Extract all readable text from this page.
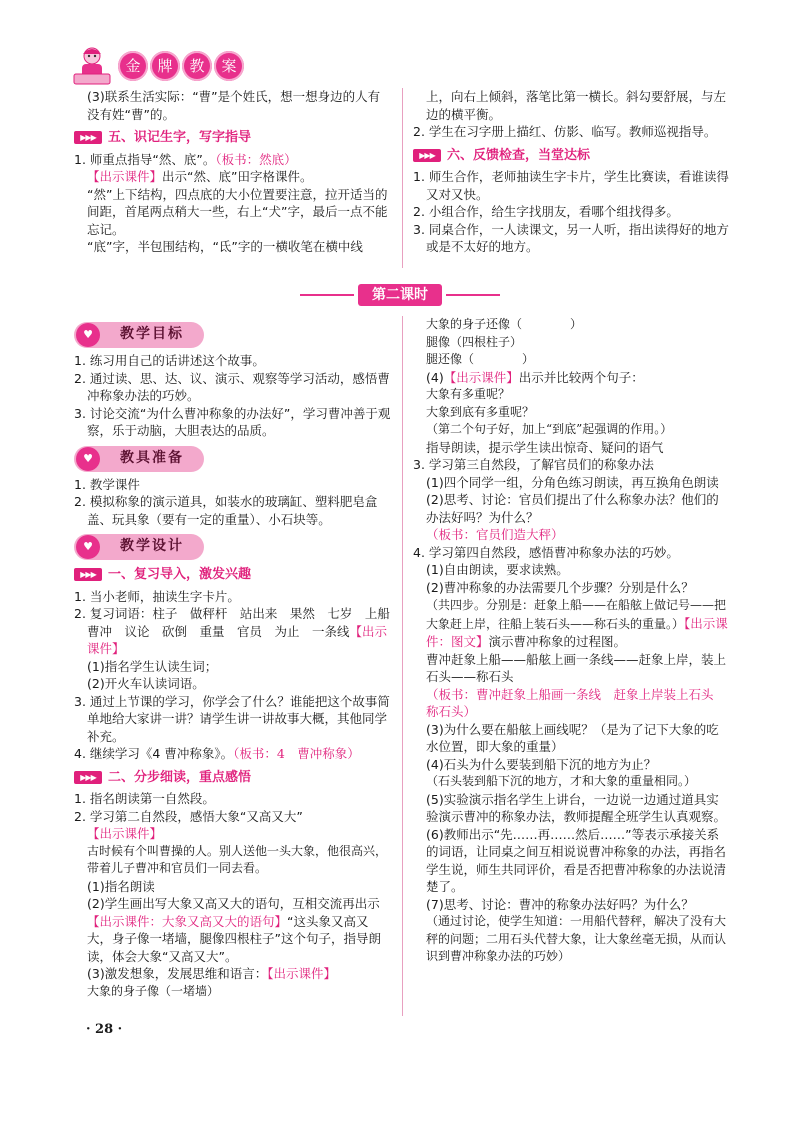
金	牌	教	案

(3)联系生活实际：“曹”是个姓氏，想一想身边的人有没有姓“曹”的。

▶▶▶ 五、识记生字，写字指导

1. 师重点指导“然、底”。（板书：然底）

【出示课件】出示“然、底”田字格课件。

“然”上下结构，四点底的大小位置要注意，拉开适当的间距，首尾两点稍大一些，右上“犬”字，最后一点不能忘记。

“底”字，半包围结构，“氐”字的一横收笔在横中线

上，向右上倾斜，落笔比第一横长。斜勾要舒展，与左边的横平衡。

2. 学生在习字册上描红、仿影、临写。教师巡视指导。

▶▶▶ 六、反馈检查，当堂达标

1. 师生合作，老师抽读生字卡片，学生比赛读，看谁读得又对又快。

2. 小组合作，给生字找朋友，看哪个组找得多。

3. 同桌合作，一人读课文，另一人听，指出读得好的地方或是不太好的地方。

第二课时
♥	教学目标

1. 练习用自己的话讲述这个故事。

2. 通过读、思、达、议、演示、观察等学习活动，感悟曹冲称象办法的巧妙。

3. 讨论交流“为什么曹冲称象的办法好”，学习曹冲善于观察，乐于动脑，大胆表达的品质。

♥	教具准备

1. 教学课件

2. 模拟称象的演示道具，如装水的玻璃缸、塑料肥皂盒盖、玩具象（要有一定的重量）、小石块等。

♥	教学设计
▶▶▶ 一、复习导入，激发兴趣

1. 当小老师，抽读生字卡片。

2. 复习词语：柱子　做秤杆　站出来　果然　七岁　上船　曹冲　议论　砍倒　重量　官员　为止　一条线【出示课件】

(1)指名学生认读生词；

(2)开火车认读词语。

3. 通过上节课的学习，你学会了什么？谁能把这个故事简单地给大家讲一讲？请学生讲一讲故事大概，其他同学补充。

4. 继续学习《4 曹冲称象》。（板书：4　曹冲称象）

▶▶▶ 二、分步细读，重点感悟

1. 指名朗读第一自然段。

2. 学习第二自然段，感悟大象“又高又大”

【出示课件】

古时候有个叫曹操的人。别人送他一头大象，他很高兴，带着儿子曹冲和官员们一同去看。

(1)指名朗读

(2)学生画出写大象又高又大的语句，互相交流再出示

【出示课件：大象又高又大的语句】“这头象又高又大，身子像一堵墙，腿像四根柱子”这个句子，指导朗读，体会大象“又高又大”。

(3)激发想象，发展思维和语言：【出示课件】

大象的身子像（一堵墙）

大象的身子还像（　　　　）

腿像（四根柱子）

腿还像（　　　　）

(4)【出示课件】出示并比较两个句子：

大象有多重呢？

大象到底有多重呢？

（第二个句子好，加上“到底”起强调的作用。）

指导朗读，提示学生读出惊奇、疑问的语气

3. 学习第三自然段，了解官员们的称象办法

(1)四个同学一组，分角色练习朗读，再互换角色朗读

(2)思考、讨论：官员们提出了什么称象办法？他们的办法好吗？为什么？

（板书：官员们造大秤）

4. 学习第四自然段，感悟曹冲称象办法的巧妙。

(1)自由朗读，要求读熟。

(2)曹冲称象的办法需要几个步骤？分别是什么？

（共四步。分别是：赶象上船——在船舷上做记号——把大象赶上岸，往船上装石头——称石头的重量。）【出示课件：图文】演示曹冲称象的过程图。

曹冲赶象上船——船舷上画一条线——赶象上岸，装上石头——称石头

（板书：曹冲赶象上船画一条线　赶象上岸装上石头　称石头）

(3)为什么要在船舷上画线呢？（是为了记下大象的吃水位置，即大象的重量）

(4)石头为什么要装到船下沉的地方为止？

（石头装到船下沉的地方，才和大象的重量相同。）

(5)实验演示指名学生上讲台，一边说一边通过道具实验演示曹冲的称象办法，教师提醒全班学生认真观察。

(6)教师出示“先……再……然后……”等表示承接关系的词语，让同桌之间互相说说曹冲称象的办法，再指名学生说，师生共同评价，看是否把曹冲称象的办法说清楚了。

(7)思考、讨论：曹冲的称象办法好吗？为什么？

（通过讨论，使学生知道：一用船代替秤，解决了没有大秤的问题；二用石头代替大象，让大象丝毫无损，从而认识到曹冲称象办法的巧妙）

· 28 ·
